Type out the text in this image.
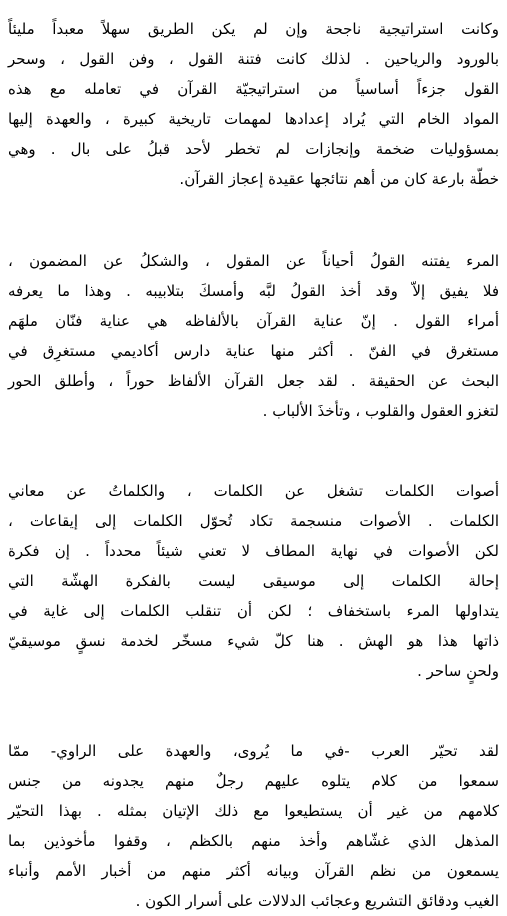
وكانت استراتيجية ناجحة وإن لم يكن الطريق سهلاً معبداً مليئاً
بالورود والرياحين . لذلك كانت فتنة القول ، وفن القول ، وسحر
القول جزءاً أساسياً من استراتيجيّة القرآن في تعامله مع هذه
المواد الخام التي يُراد إعدادها لمهمات تاريخية كبيرة ، والعهدة إليها
بمسؤوليات ضخمة وإنجازات لم تخطر لأحد قبلُ على بال . وهي
خطّة بارعة كان من أهم نتائجها عقيدة إعجاز القرآن.
المرء يفتنه القولُ أحياناً عن المقول ، والشكلُ عن المضمون ،
فلا يفيق إلاّ وقد أخذ القولُ لبَّه وأمسكَ بتلابيبه . وهذا ما يعرفه
أمراء القول . إنّ عناية القرآن بالألفاظه هي عناية فنّان ملهَم
مستغرق في الفنّ . أكثر منها عناية دارس أكاديمي مستغرِق في
البحث عن الحقيقة . لقد جعل القرآن الألفاظ حوراً ، وأطلق الحور
لتغزو العقول والقلوب ، وتأخذَ الألباب .
أصوات الكلمات تشغل عن الكلمات ، والكلماتُ عن معاني
الكلمات . الأصوات منسجمة تكاد تُحوّل الكلمات إلى إيقاعات ،
لكن الأصوات في نهاية المطاف لا تعني شيئاً محدداً . إن فكرة
إحالة الكلمات إلى موسيقى ليست بالفكرة الهشّة التي
يتداولها المرء باستخفاف ؛ لكن أن تنقلب الكلمات إلى غاية في
ذاتها هذا هو الهش . هنا كلّ شيء مسخّر لخدمة نسقٍ موسيقيّ
ولحنٍ ساحر .
لقد تحيّر العرب -في ما يُروى، والعهدة على الراوي- ممّا
سمعوا من كلام يتلوه عليهم رجلٌ منهم يجدونه من جنس
كلامهم من غير أن يستطيعوا مع ذلك الإتيان بمثله . بهذا التحيّر
المذهل الذي غشّاهم وأخذ منهم بالكظم ، وقفوا مأخوذين بما
يسمعون من نظم القرآن وبيانه أكثر منهم من أخبار الأمم وأنباء
الغيب ودقائق التشريع وعجائب الدلالات على أسرار الكون .
